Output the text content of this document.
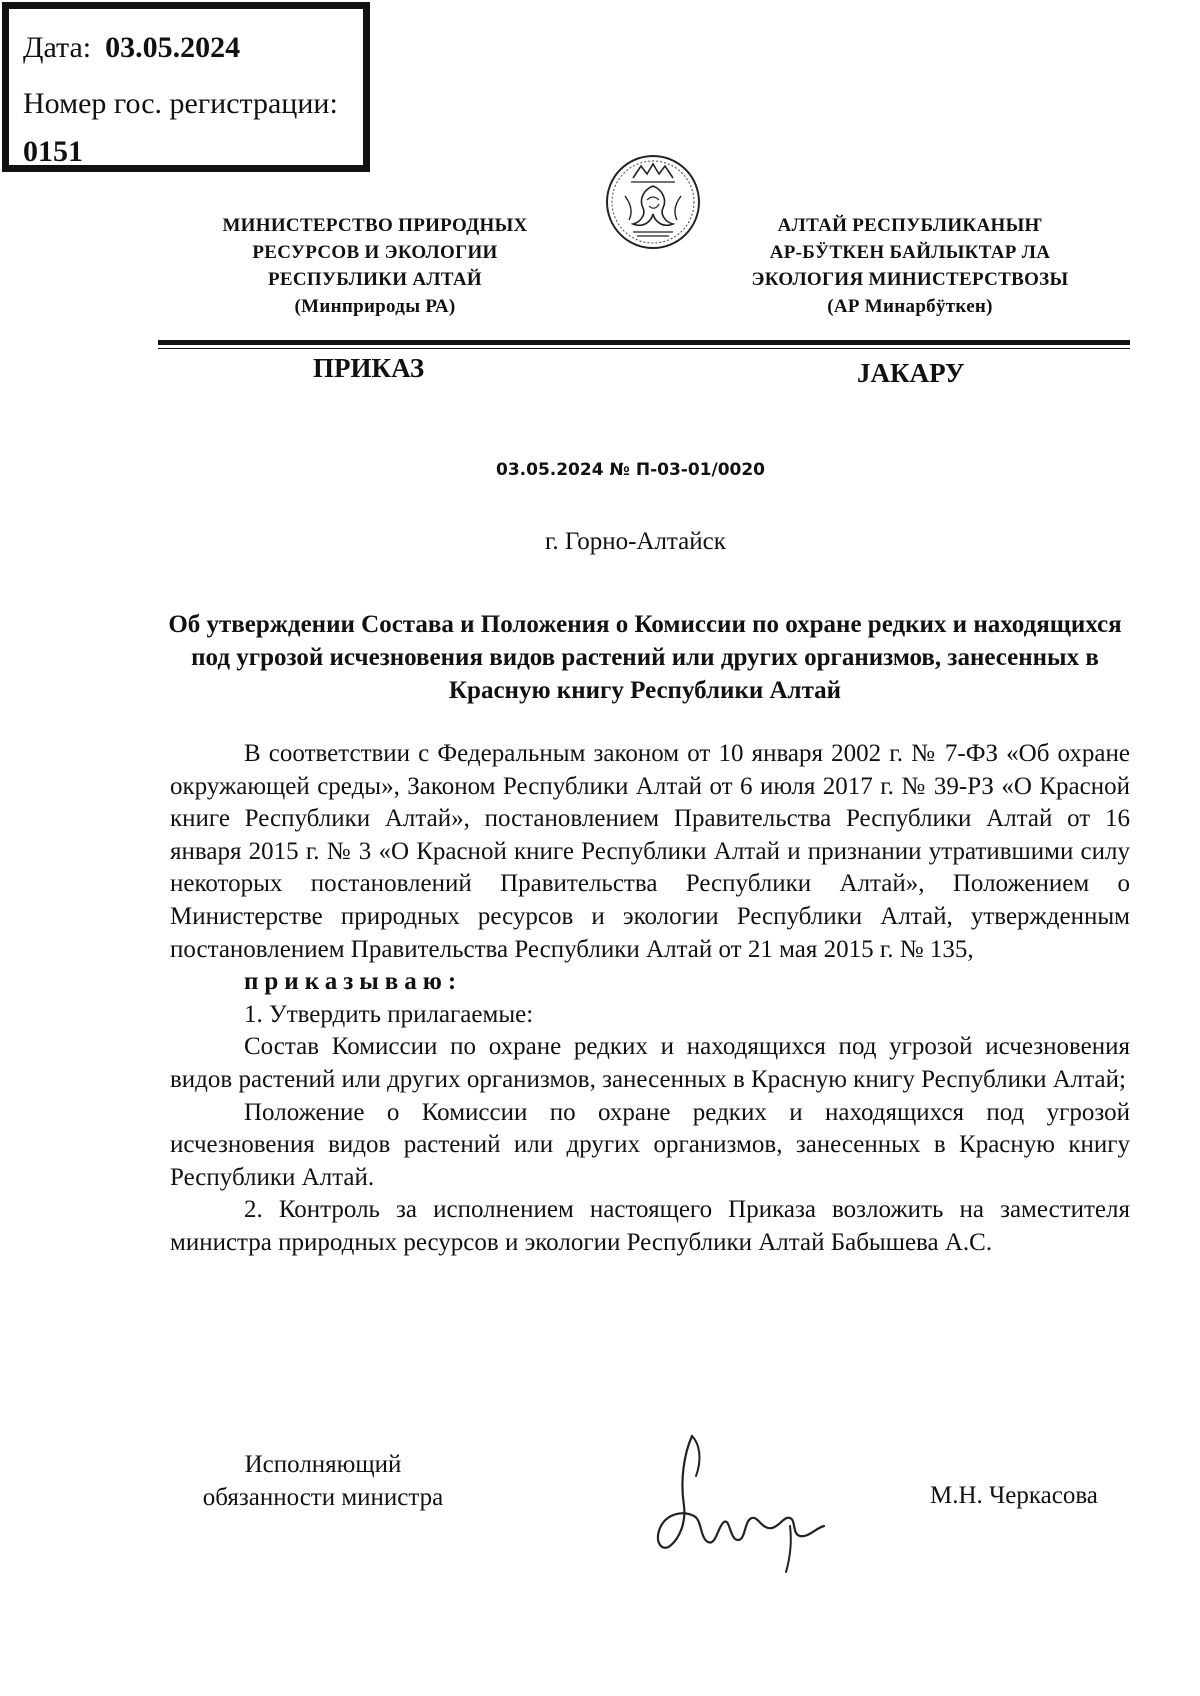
Дата: 03.05.2024
Номер гос. регистрации:
0151
МИНИСТЕРСТВО ПРИРОДНЫХ
РЕСУРСОВ И ЭКОЛОГИИ
РЕСПУБЛИКИ АЛТАЙ
(Минприроды РА)
АЛТАЙ РЕСПУБЛИКАНЫҤ
АР-БӰТКЕН БАЙЛЫКТАР ЛА
ЭКОЛОГИЯ МИНИСТЕРСТВОЗЫ
(АР Минарбӱткен)
ПРИКАЗ	JАКАРУ
03.05.2024 № П-03-01/0020
г. Горно-Алтайск
Об утверждении Состава и Положения о Комиссии по охране редких и находящихся под угрозой исчезновения видов растений или других организмов, занесенных в Красную книгу Республики Алтай

В соответствии с Федеральным законом от 10 января 2002 г. № 7-ФЗ «Об охране окружающей среды», Законом Республики Алтай от 6 июля 2017 г. № 39-РЗ «О Красной книге Республики Алтай», постановлением Правительства Республики Алтай от 16 января 2015 г. № 3 «О Красной книге Республики Алтай и признании утратившими силу некоторых постановлений Правительства Республики Алтай», Положением о Министерстве природных ресурсов и экологии Республики Алтай, утвержденным постановлением Правительства Республики Алтай от 21 мая 2015 г. № 135,

приказываю:

1. Утвердить прилагаемые:

Состав Комиссии по охране редких и находящихся под угрозой исчезновения видов растений или других организмов, занесенных в Красную книгу Республики Алтай;

Положение о Комиссии по охране редких и находящихся под угрозой исчезновения видов растений или других организмов, занесенных в Красную книгу Республики Алтай.

2. Контроль за исполнением настоящего Приказа возложить на заместителя министра природных ресурсов и экологии Республики Алтай Бабышева А.С.

Исполняющий
обязанности министра	М.Н. Черкасова
